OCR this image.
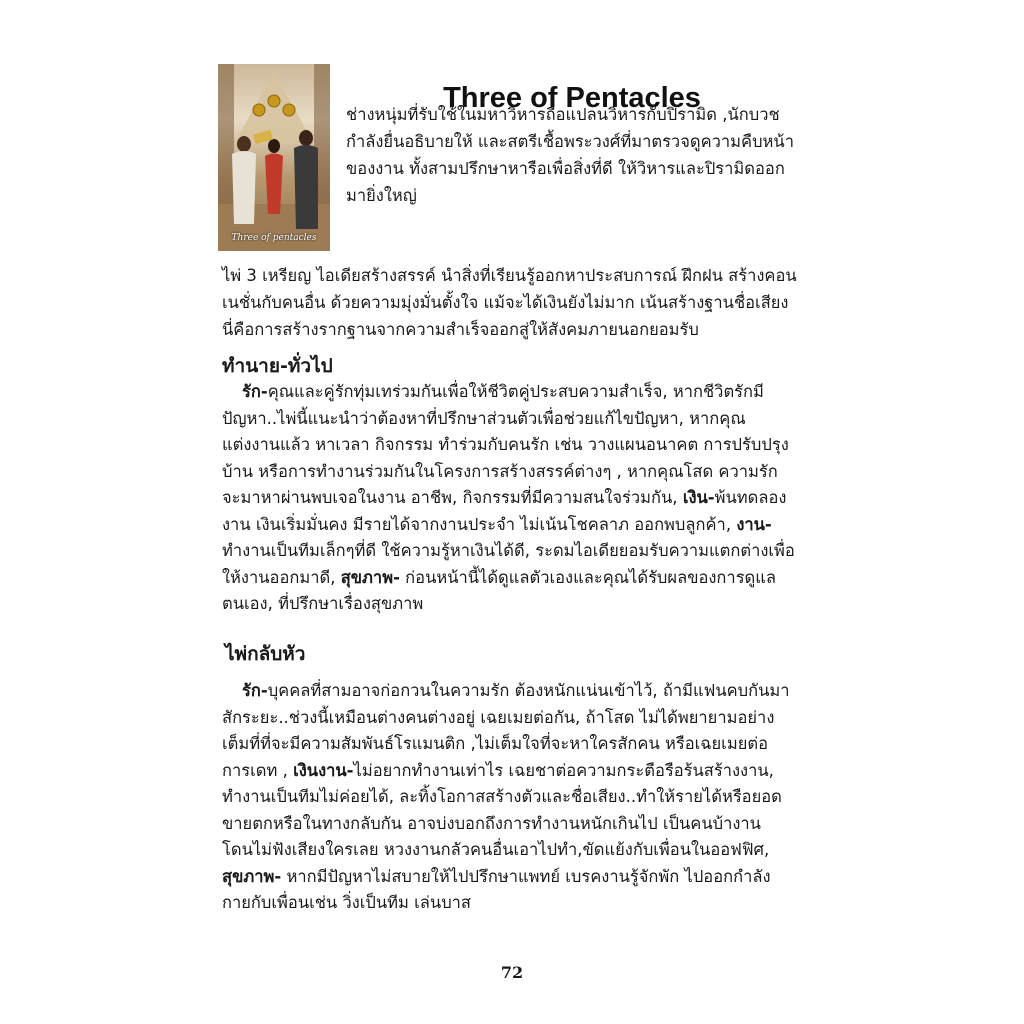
Three of pentacles
Three of Pentacles

ช่างหนุ่มที่รับใช้ในมหาวิหารถือแปลนวิหารกับปิรามิด ,นักบวช กำลังยื่นอธิบายให้ และสตรีเชื้อพระวงศ์ที่มาตรวจดูความคืบหน้าของงาน ทั้งสามปรึกษาหารือเพื่อสิ่งที่ดี ให้วิหารและปิรามิดออกมายิ่งใหญ่

ไพ่ 3 เหรียญ ไอเดียสร้างสรรค์ นำสิ่งที่เรียนรู้ออกหาประสบการณ์ ฝึกฝน สร้างคอนเนชั่นกับคนอื่น ด้วยความมุ่งมั่นตั้งใจ แม้จะได้เงินยังไม่มาก เน้นสร้างฐานชื่อเสียง นี่คือการสร้างรากฐานจากความสำเร็จออกสู่ให้สังคมภายนอกยอมรับ

ทำนาย-ทั่วไป

รัก-คุณและคู่รักทุ่มเทร่วมกันเพื่อให้ชีวิตคู่ประสบความสำเร็จ, หากชีวิตรักมีปัญหา..ไพ่นี้แนะนำว่าต้องหาที่ปรึกษาส่วนตัวเพื่อช่วยแก้ไขปัญหา, หากคุณแต่งงานแล้ว หาเวลา กิจกรรม ทำร่วมกับคนรัก เช่น วางแผนอนาคต การปรับปรุงบ้าน หรือการทำงานร่วมกันในโครงการสร้างสรรค์ต่างๆ , หากคุณโสด ความรักจะมาหาผ่านพบเจอในงาน อาชีพ, กิจกรรมที่มีความสนใจร่วมกัน, เงิน-พ้นทดลองงาน เงินเริ่มมั่นคง มีรายได้จากงานประจำ ไม่เน้นโชคลาภ ออกพบลูกค้า, งาน-ทำงานเป็นทีมเล็กๆที่ดี ใช้ความรู้หาเงินได้ดี, ระดมไอเดียยอมรับความแตกต่างเพื่อให้งานออกมาดี, สุขภาพ- ก่อนหน้านี้ได้ดูแลตัวเองและคุณได้รับผลของการดูแลตนเอง, ที่ปรึกษาเรื่องสุขภาพ

ไพ่กลับหัว

รัก-บุคคลที่สามอาจก่อกวนในความรัก ต้องหนักแน่นเข้าไว้, ถ้ามีแฟนคบกันมาสักระยะ..ช่วงนี้เหมือนต่างคนต่างอยู่ เฉยเมยต่อกัน, ถ้าโสด ไม่ได้พยายามอย่างเต็มที่ที่จะมีความสัมพันธ์โรแมนติก ,ไม่เต็มใจที่จะหาใครสักคน หรือเฉยเมยต่อการเดท , เงินงาน-ไม่อยากทำงานเท่าไร เฉยชาต่อความกระตือรือร้นสร้างงาน, ทำงานเป็นทีมไม่ค่อยได้, ละทิ้งโอกาสสร้างตัวและชื่อเสียง..ทำให้รายได้หรือยอดขายตกหรือในทางกลับกัน อาจบ่งบอกถึงการทำงานหนักเกินไป เป็นคนบ้างาน โดนไม่ฟังเสียงใครเลย หวงงานกลัวคนอื่นเอาไปทำ,ขัดแย้งกับเพื่อนในออฟฟิศ, สุขภาพ- หากมีปัญหาไม่สบายให้ไปปรึกษาแพทย์ เบรคงานรู้จักพัก ไปออกกำลังกายกับเพื่อนเช่น วิ่งเป็นทีม เล่นบาส

72
